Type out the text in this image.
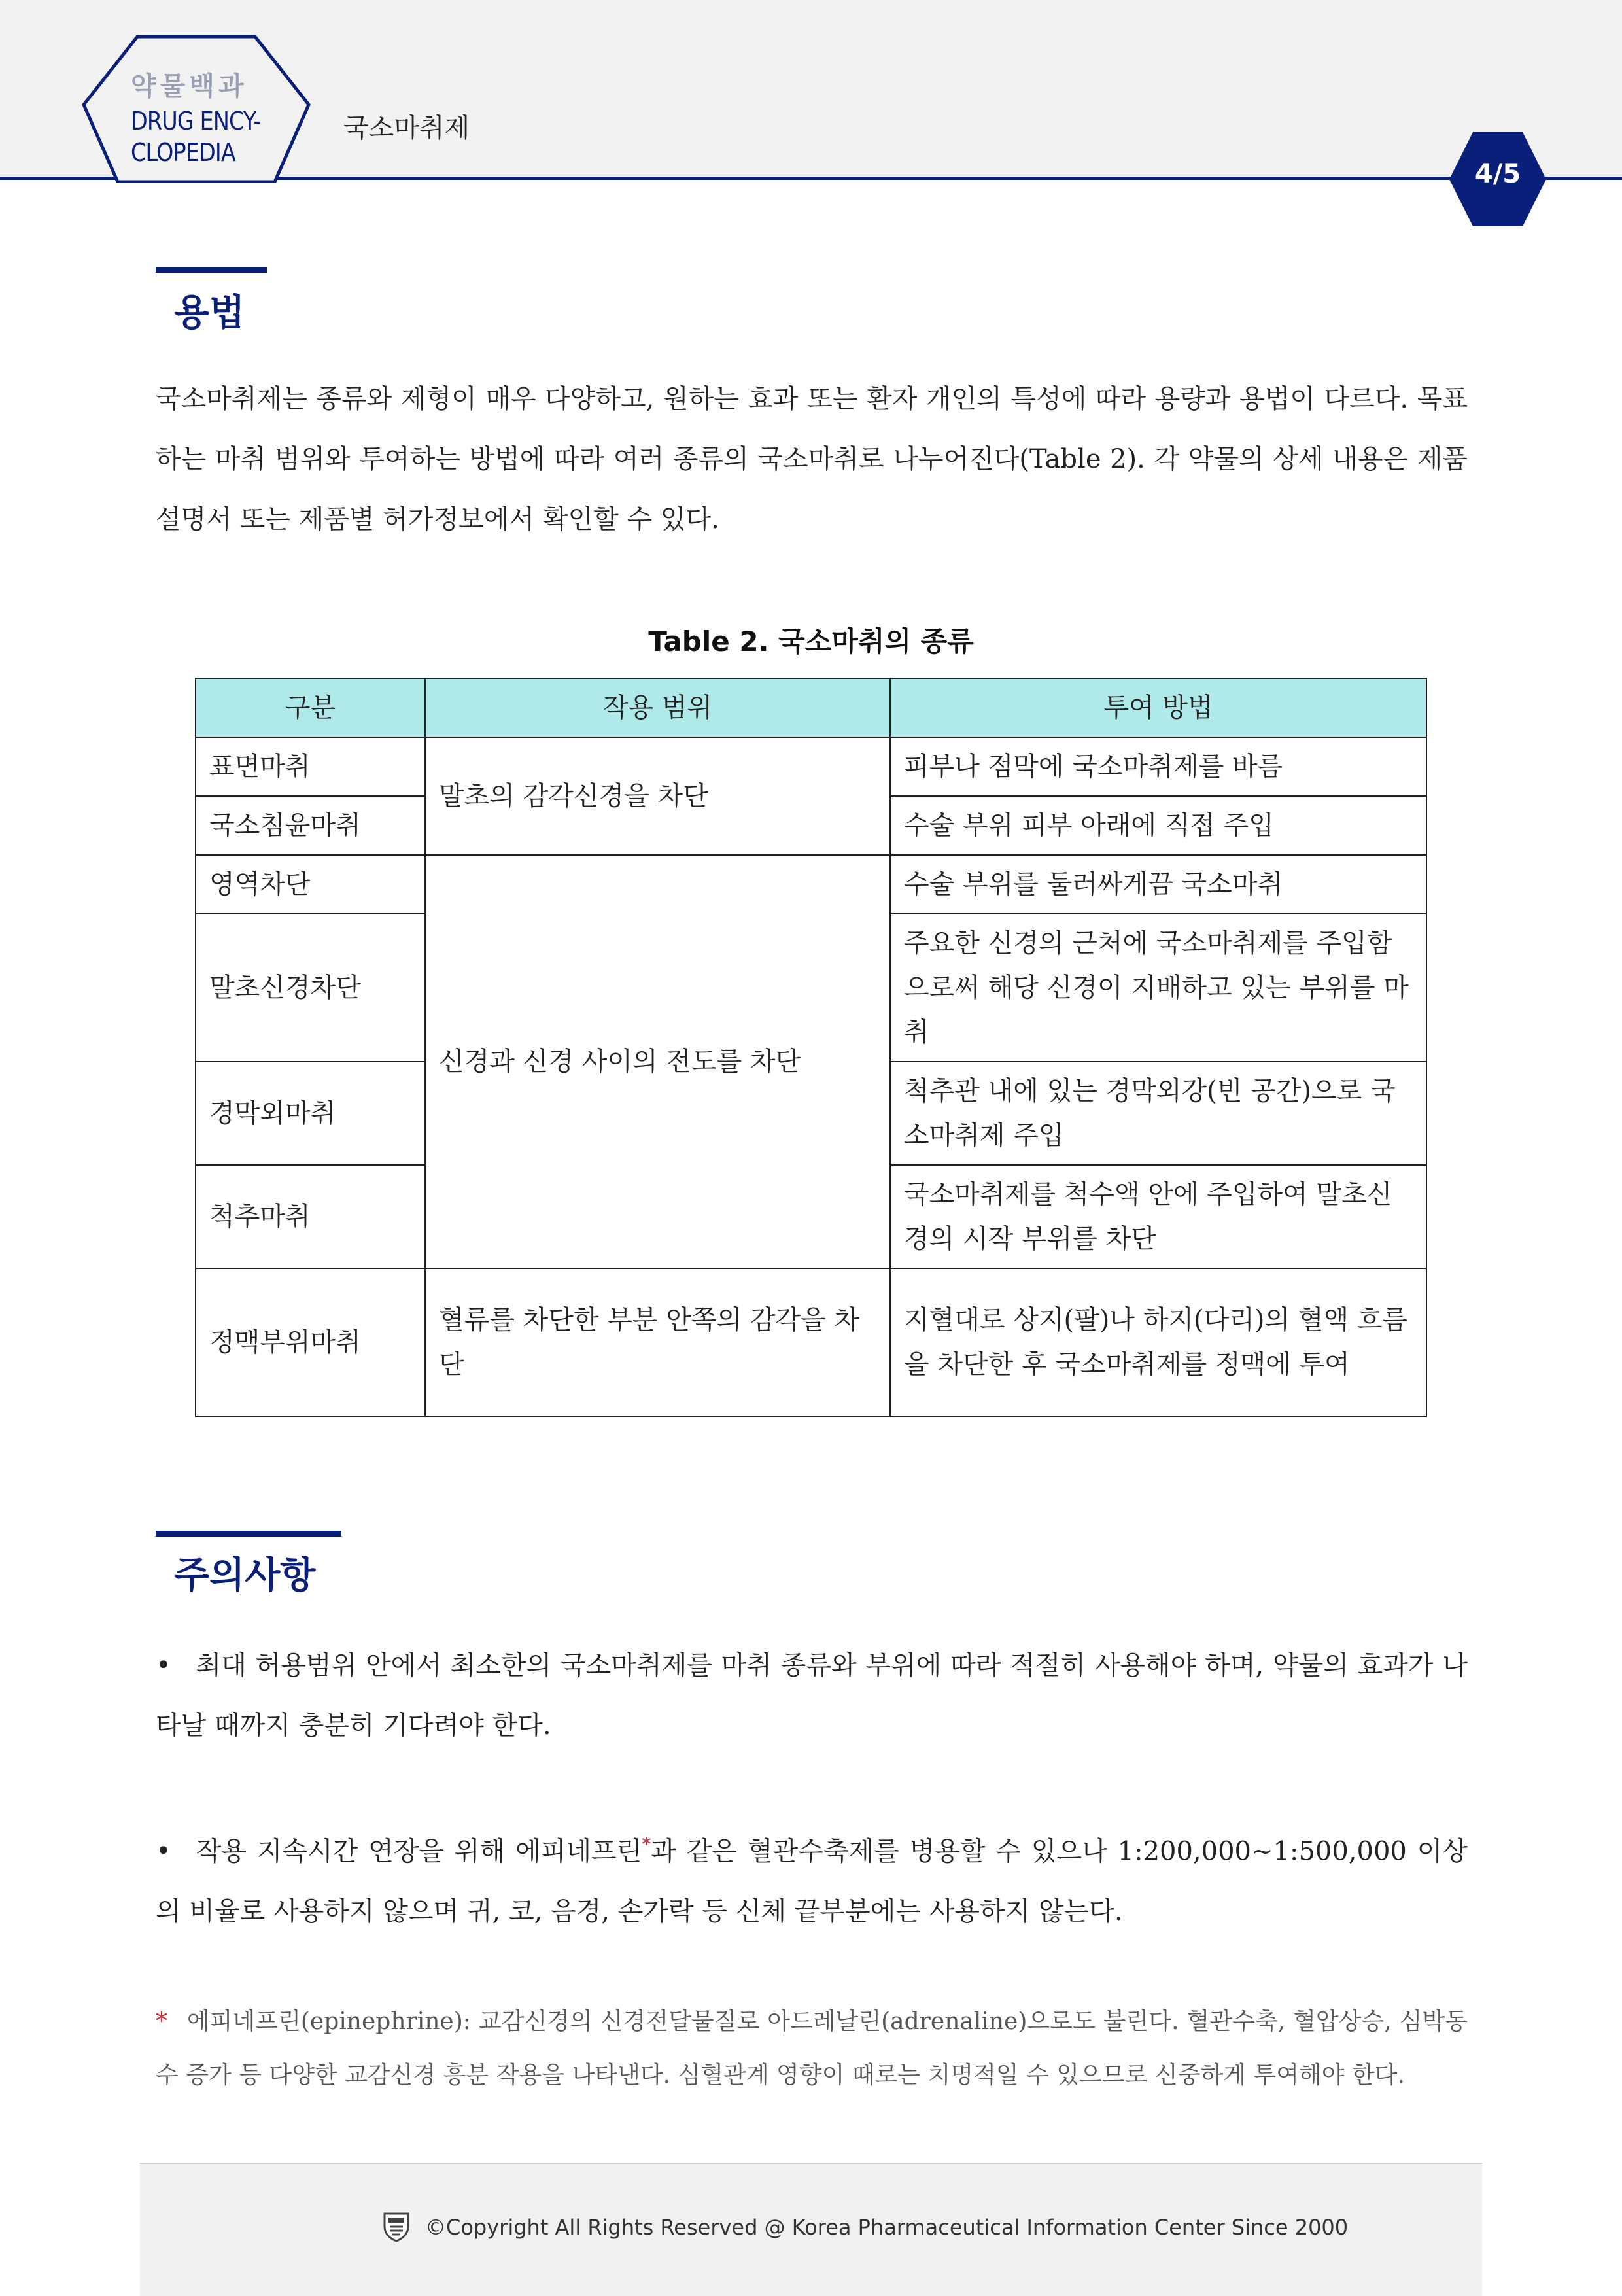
약물백과
DRUG ENCY-
CLOPEDIA
국소마취제
4/5
용법
국소마취제는 종류와 제형이 매우 다양하고, 원하는 효과 또는 환자 개인의 특성에 따라 용량과 용법이 다르다. 목표하는 마취 범위와 투여하는 방법에 따라 여러 종류의 국소마취로 나누어진다(Table 2). 각 약물의 상세 내용은 제품설명서 또는 제품별 허가정보에서 확인할 수 있다.
Table 2. 국소마취의 종류
구분	작용 범위	투여 방법
표면마취	말초의 감각신경을 차단	피부나 점막에 국소마취제를 바름
국소침윤마취		수술 부위 피부 아래에 직접 주입
영역차단	신경과 신경 사이의 전도를 차단	수술 부위를 둘러싸게끔 국소마취
말초신경차단		주요한 신경의 근처에 국소마취제를 주입함으로써 해당 신경이 지배하고 있는 부위를 마취
경막외마취		척추관 내에 있는 경막외강(빈 공간)으로 국소마취제 주입
척추마취		국소마취제를 척수액 안에 주입하여 말초신경의 시작 부위를 차단
정맥부위마취	혈류를 차단한 부분 안쪽의 감각을 차단	지혈대로 상지(팔)나 하지(다리)의 혈액 흐름을 차단한 후 국소마취제를 정맥에 투여
주의사항
• 최대 허용범위 안에서 최소한의 국소마취제를 마취 종류와 부위에 따라 적절히 사용해야 하며, 약물의 효과가 나타날 때까지 충분히 기다려야 한다.
• 작용 지속시간 연장을 위해 에피네프린*과 같은 혈관수축제를 병용할 수 있으나 1:200,000~1:500,000 이상의 비율로 사용하지 않으며 귀, 코, 음경, 손가락 등 신체 끝부분에는 사용하지 않는다.
* 에피네프린(epinephrine): 교감신경의 신경전달물질로 아드레날린(adrenaline)으로도 불린다. 혈관수축, 혈압상승, 심박동수 증가 등 다양한 교감신경 흥분 작용을 나타낸다. 심혈관계 영향이 때로는 치명적일 수 있으므로 신중하게 투여해야 한다.
©Copyright All Rights Reserved @ Korea Pharmaceutical Information Center Since 2000
